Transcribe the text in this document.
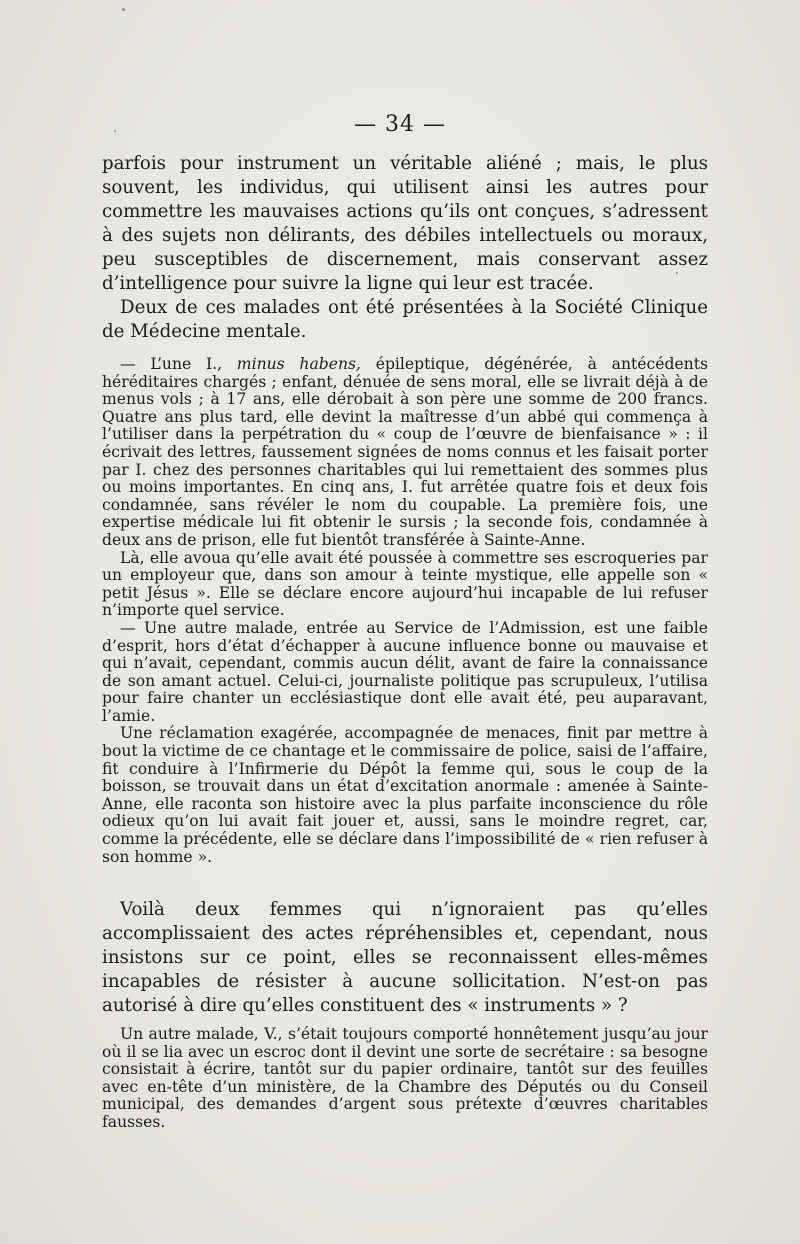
— 34 —

parfois pour instrument un véritable aliéné ; mais, le plus souvent, les individus, qui utilisent ainsi les autres pour commettre les mauvaises actions qu’ils ont conçues, s’adressent à des sujets non délirants, des débiles intellectuels ou moraux, peu susceptibles de discernement, mais conservant assez d’intelligence pour suivre la ligne qui leur est tracée.

Deux de ces malades ont été présentées à la Société Clinique de Médecine mentale.

— L’une I., minus habens, épileptique, dégénérée, à antécédents héréditaires chargés ; enfant, dénuée de sens moral, elle se livrait déjà à de menus vols ; à 17 ans, elle dérobait à son père une somme de 200 francs. Quatre ans plus tard, elle devint la maîtresse d’un abbé qui commença à l’utiliser dans la perpétration du « coup de l’œuvre de bienfaisance » : il écrivait des lettres, faussement signées de noms connus et les faisait porter par I. chez des personnes charitables qui lui remettaient des sommes plus ou moins importantes. En cinq ans, I. fut arrêtée quatre fois et deux fois condamnée, sans révéler le nom du coupable. La première fois, une expertise médicale lui fit obtenir le sursis ; la seconde fois, condamnée à deux ans de prison, elle fut bientôt transférée à Sainte-Anne.

Là, elle avoua qu’elle avait été poussée à commettre ses escroqueries par un employeur que, dans son amour à teinte mystique, elle appelle son « petit Jésus ». Elle se déclare encore aujourd’hui incapable de lui refuser n’importe quel service.

— Une autre malade, entrée au Service de l’Admission, est une faible d’esprit, hors d’état d’échapper à aucune influence bonne ou mauvaise et qui n’avait, cependant, commis aucun délit, avant de faire la connaissance de son amant actuel. Celui-ci, journaliste politique pas scrupuleux, l’utilisa pour faire chanter un ecclésiastique dont elle avait été, peu auparavant, l’amie.

Une réclamation exagérée, accompagnée de menaces, finit par mettre à bout la victime de ce chantage et le commissaire de police, saisi de l’affaire, fit conduire à l’Infirmerie du Dépôt la femme qui, sous le coup de la boisson, se trouvait dans un état d’excitation anormale : amenée à Sainte-Anne, elle raconta son histoire avec la plus parfaite inconscience du rôle odieux qu’on lui avait fait jouer et, aussi, sans le moindre regret, car, comme la précédente, elle se déclare dans l’impossibilité de « rien refuser à son homme ».

Voilà deux femmes qui n’ignoraient pas qu’elles accomplissaient des actes répréhensibles et, cependant, nous insistons sur ce point, elles se reconnaissent elles-mêmes incapables de résister à aucune sollicitation. N’est-on pas autorisé à dire qu’elles constituent des « instruments » ?

Un autre malade, V., s’était toujours comporté honnêtement jusqu’au jour où il se lia avec un escroc dont il devint une sorte de secrétaire : sa besogne consistait à écrire, tantôt sur du papier ordinaire, tantôt sur des feuilles avec en-tête d’un ministère, de la Chambre des Députés ou du Conseil municipal, des demandes d’argent sous prétexte d’œuvres charitables fausses.
